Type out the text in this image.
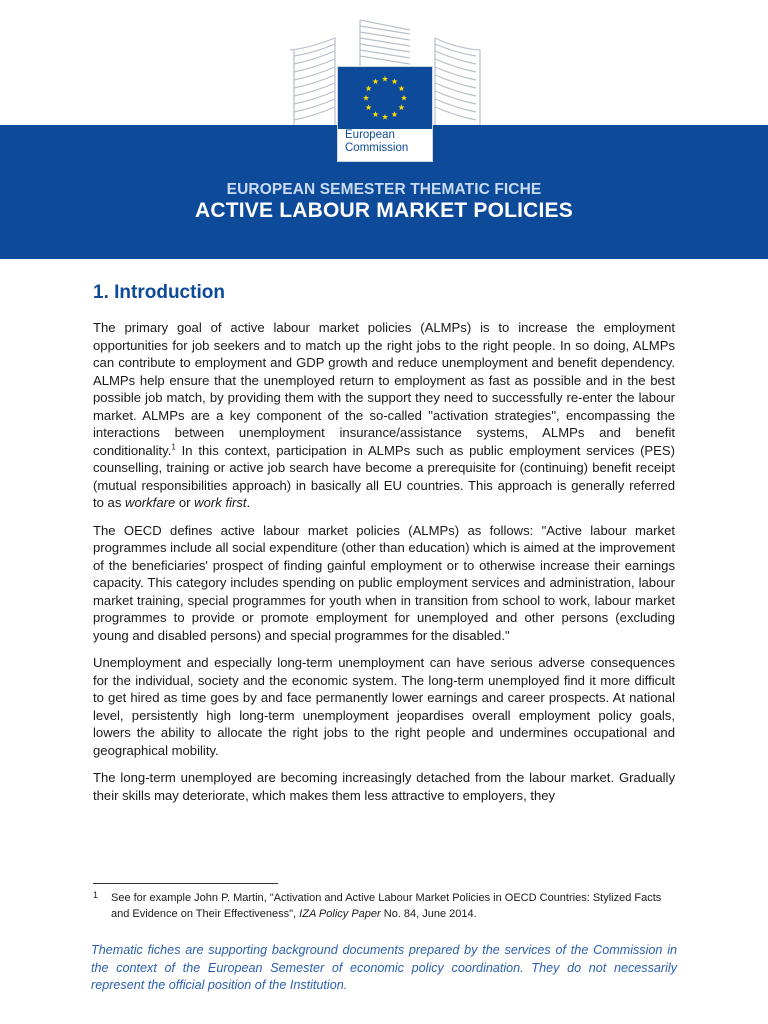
European
Commission
EUROPEAN SEMESTER THEMATIC FICHE
ACTIVE LABOUR MARKET POLICIES
1. Introduction

The primary goal of active labour market policies (ALMPs) is to increase the employment opportunities for job seekers and to match up the right jobs to the right people. In so doing, ALMPs can contribute to employment and GDP growth and reduce unemployment and benefit dependency. ALMPs help ensure that the unemployed return to employment as fast as possible and in the best possible job match, by providing them with the support they need to successfully re-enter the labour market. ALMPs are a key component of the so-called "activation strategies", encompassing the interactions between unemployment insurance/assistance systems, ALMPs and benefit conditionality.$^1$ In this context, participation in ALMPs such as public employment services (PES) counselling, training or active job search have become a prerequisite for (continuing) benefit receipt (mutual responsibilities approach) in basically all EU countries. This approach is generally referred to as workfare or work first.

The OECD defines active labour market policies (ALMPs) as follows: "Active labour market programmes include all social expenditure (other than education) which is aimed at the improvement of the beneficiaries' prospect of finding gainful employment or to otherwise increase their earnings capacity. This category includes spending on public employment services and administration, labour market training, special programmes for youth when in transition from school to work, labour market programmes to provide or promote employment for unemployed and other persons (excluding young and disabled persons) and special programmes for the disabled."

Unemployment and especially long-term unemployment can have serious adverse consequences for the individual, society and the economic system. The long-term unemployed find it more difficult to get hired as time goes by and face permanently lower earnings and career prospects. At national level, persistently high long-term unemployment jeopardises overall employment policy goals, lowers the ability to allocate the right jobs to the right people and undermines occupational and geographical mobility.

The long-term unemployed are becoming increasingly detached from the labour market. Gradually their skills may deteriorate, which makes them less attractive to employers, they

1 See for example John P. Martin, "Activation and Active Labour Market Policies in OECD Countries: Stylized Facts and Evidence on Their Effectiveness", IZA Policy Paper No. 84, June 2014.

Thematic fiches are supporting background documents prepared by the services of the Commission in the context of the European Semester of economic policy coordination. They do not necessarily represent the official position of the Institution.
